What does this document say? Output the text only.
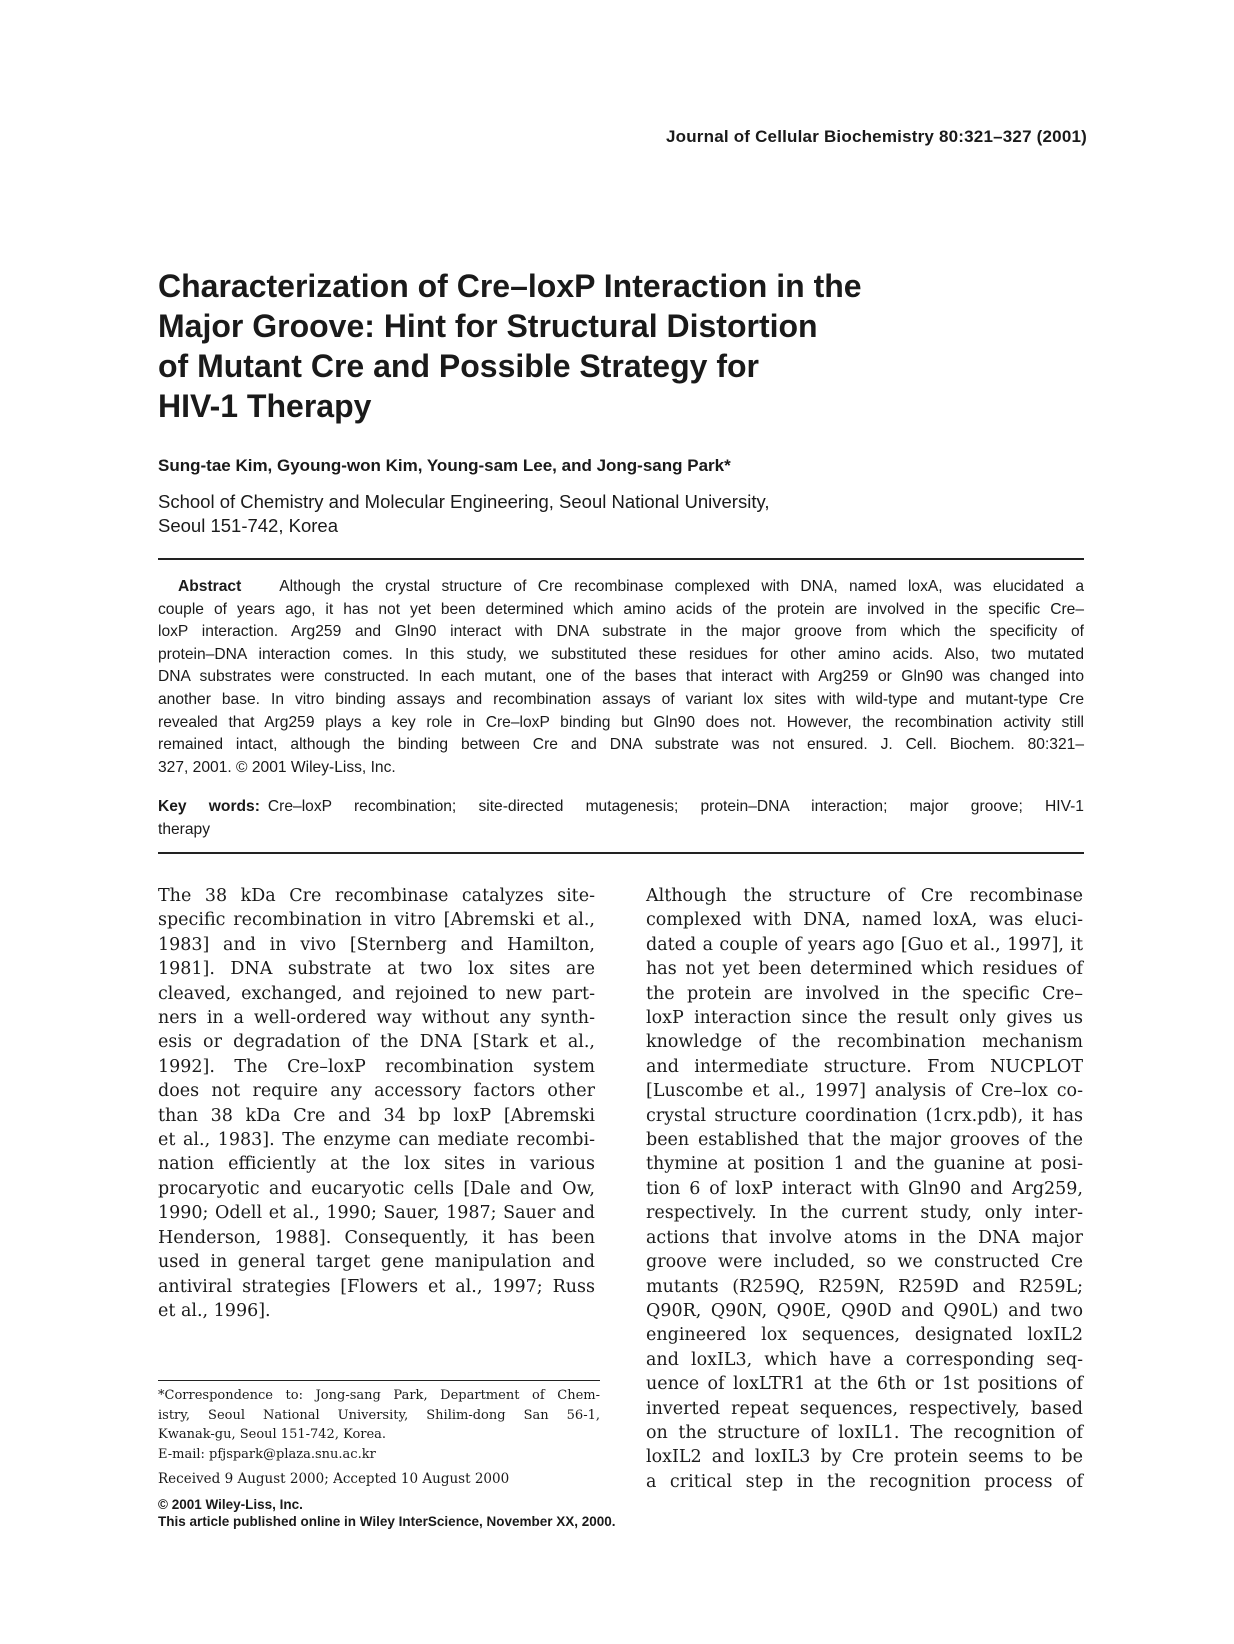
Journal of Cellular Biochemistry 80:321–327 (2001)
Characterization of Cre–loxP Interaction in the
Major Groove: Hint for Structural Distortion
of Mutant Cre and Possible Strategy for
HIV-1 Therapy
Sung-tae Kim, Gyoung-won Kim, Young-sam Lee, and Jong-sang Park*
School of Chemistry and Molecular Engineering, Seoul National University,
Seoul 151-742, Korea
Abstract Although the crystal structure of Cre recombinase complexed with DNA, named loxA, was elucidated a
couple of years ago, it has not yet been determined which amino acids of the protein are involved in the specific Cre–
loxP interaction. Arg259 and Gln90 interact with DNA substrate in the major groove from which the specificity of
protein–DNA interaction comes. In this study, we substituted these residues for other amino acids. Also, two mutated
DNA substrates were constructed. In each mutant, one of the bases that interact with Arg259 or Gln90 was changed into
another base. In vitro binding assays and recombination assays of variant lox sites with wild-type and mutant-type Cre
revealed that Arg259 plays a key role in Cre–loxP binding but Gln90 does not. However, the recombination activity still
remained intact, although the binding between Cre and DNA substrate was not ensured. J. Cell. Biochem. 80:321–
327, 2001. © 2001 Wiley-Liss, Inc.
Key words: Cre–loxP recombination; site-directed mutagenesis; protein–DNA interaction; major groove; HIV-1
therapy
The 38 kDa Cre recombinase catalyzes site-
specific recombination in vitro [Abremski et al.,
1983] and in vivo [Sternberg and Hamilton,
1981]. DNA substrate at two lox sites are
cleaved, exchanged, and rejoined to new part-
ners in a well-ordered way without any synth-
esis or degradation of the DNA [Stark et al.,
1992]. The Cre–loxP recombination system
does not require any accessory factors other
than 38 kDa Cre and 34 bp loxP [Abremski
et al., 1983]. The enzyme can mediate recombi-
nation efficiently at the lox sites in various
procaryotic and eucaryotic cells [Dale and Ow,
1990; Odell et al., 1990; Sauer, 1987; Sauer and
Henderson, 1988]. Consequently, it has been
used in general target gene manipulation and
antiviral strategies [Flowers et al., 1997; Russ
et al., 1996].
Although the structure of Cre recombinase
complexed with DNA, named loxA, was eluci-
dated a couple of years ago [Guo et al., 1997], it
has not yet been determined which residues of
the protein are involved in the specific Cre–
loxP interaction since the result only gives us
knowledge of the recombination mechanism
and intermediate structure. From NUCPLOT
[Luscombe et al., 1997] analysis of Cre–lox co-
crystal structure coordination (1crx.pdb), it has
been established that the major grooves of the
thymine at position 1 and the guanine at posi-
tion 6 of loxP interact with Gln90 and Arg259,
respectively. In the current study, only inter-
actions that involve atoms in the DNA major
groove were included, so we constructed Cre
mutants (R259Q, R259N, R259D and R259L;
Q90R, Q90N, Q90E, Q90D and Q90L) and two
engineered lox sequences, designated loxIL2
and loxIL3, which have a corresponding seq-
uence of loxLTR1 at the 6th or 1st positions of
inverted repeat sequences, respectively, based
on the structure of loxIL1. The recognition of
loxIL2 and loxIL3 by Cre protein seems to be
a critical step in the recognition process of
*Correspondence to: Jong-sang Park, Department of Chem-
istry, Seoul National University, Shilim-dong San 56-1,
Kwanak-gu, Seoul 151-742, Korea.
E-mail: pfjspark@plaza.snu.ac.kr
Received 9 August 2000; Accepted 10 August 2000
© 2001 Wiley-Liss, Inc.
This article published online in Wiley InterScience, November XX, 2000.
